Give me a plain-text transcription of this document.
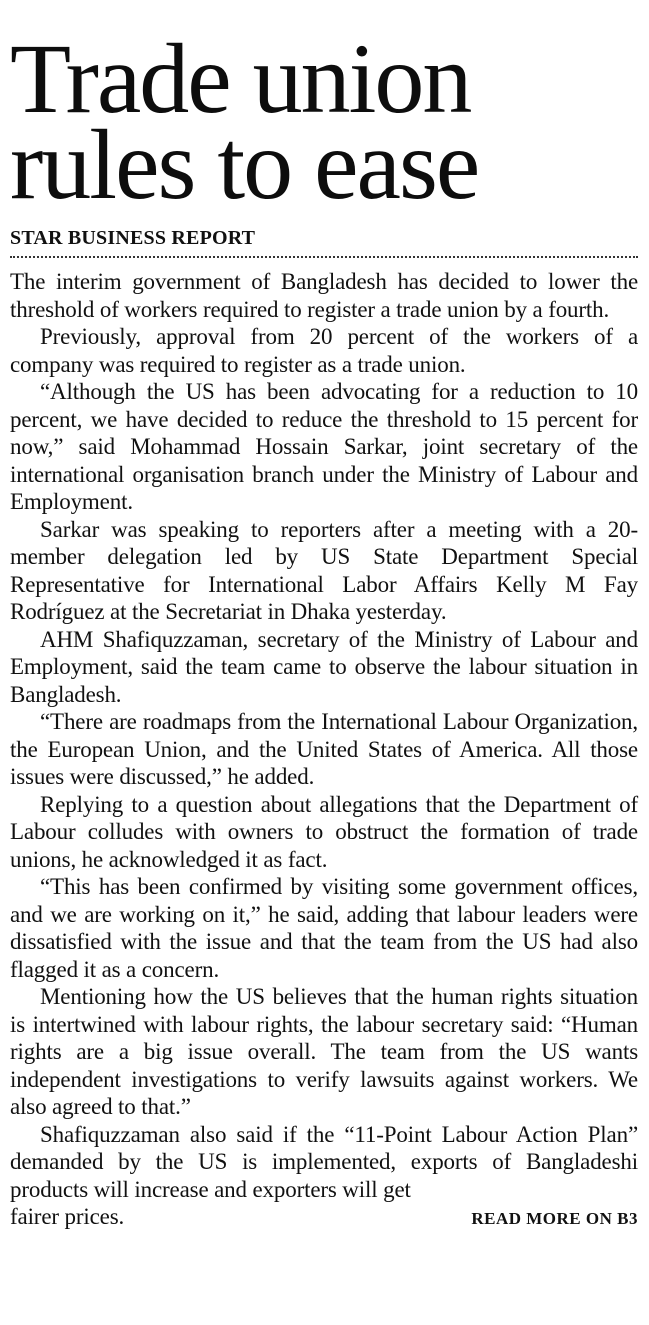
Trade union
rules to ease
STAR BUSINESS REPORT

The interim government of Bangladesh has decided to lower the threshold of workers required to register a trade union by a fourth.

Previously, approval from 20 percent of the workers of a company was required to register as a trade union.

“Although the US has been advocating for a reduction to 10 percent, we have decided to reduce the threshold to 15 percent for now,” said Mohammad Hossain Sarkar, joint secretary of the international organisation branch under the Ministry of Labour and Employment.

Sarkar was speaking to reporters after a meeting with a 20-member delegation led by US State Department Special Representative for International Labor Affairs Kelly M Fay Rodríguez at the Secretariat in Dhaka yesterday.

AHM Shafiquzzaman, secretary of the Ministry of Labour and Employment, said the team came to observe the labour situation in Bangladesh.

“There are roadmaps from the International Labour Organization, the European Union, and the United States of America. All those issues were discussed,” he added.

Replying to a question about allegations that the Department of Labour colludes with owners to obstruct the formation of trade unions, he acknowledged it as fact.

“This has been confirmed by visiting some government offices, and we are working on it,” he said, adding that labour leaders were dissatisfied with the issue and that the team from the US had also flagged it as a concern.

Mentioning how the US believes that the human rights situation is intertwined with labour rights, the labour secretary said: “Human rights are a big issue overall. The team from the US wants independent investigations to verify lawsuits against workers. We also agreed to that.”

Shafiquzzaman also said if the “11-Point Labour Action Plan” demanded by the US is implemented, exports of Bangladeshi products will increase and exporters will get

fairer prices.	READ MORE ON B3
